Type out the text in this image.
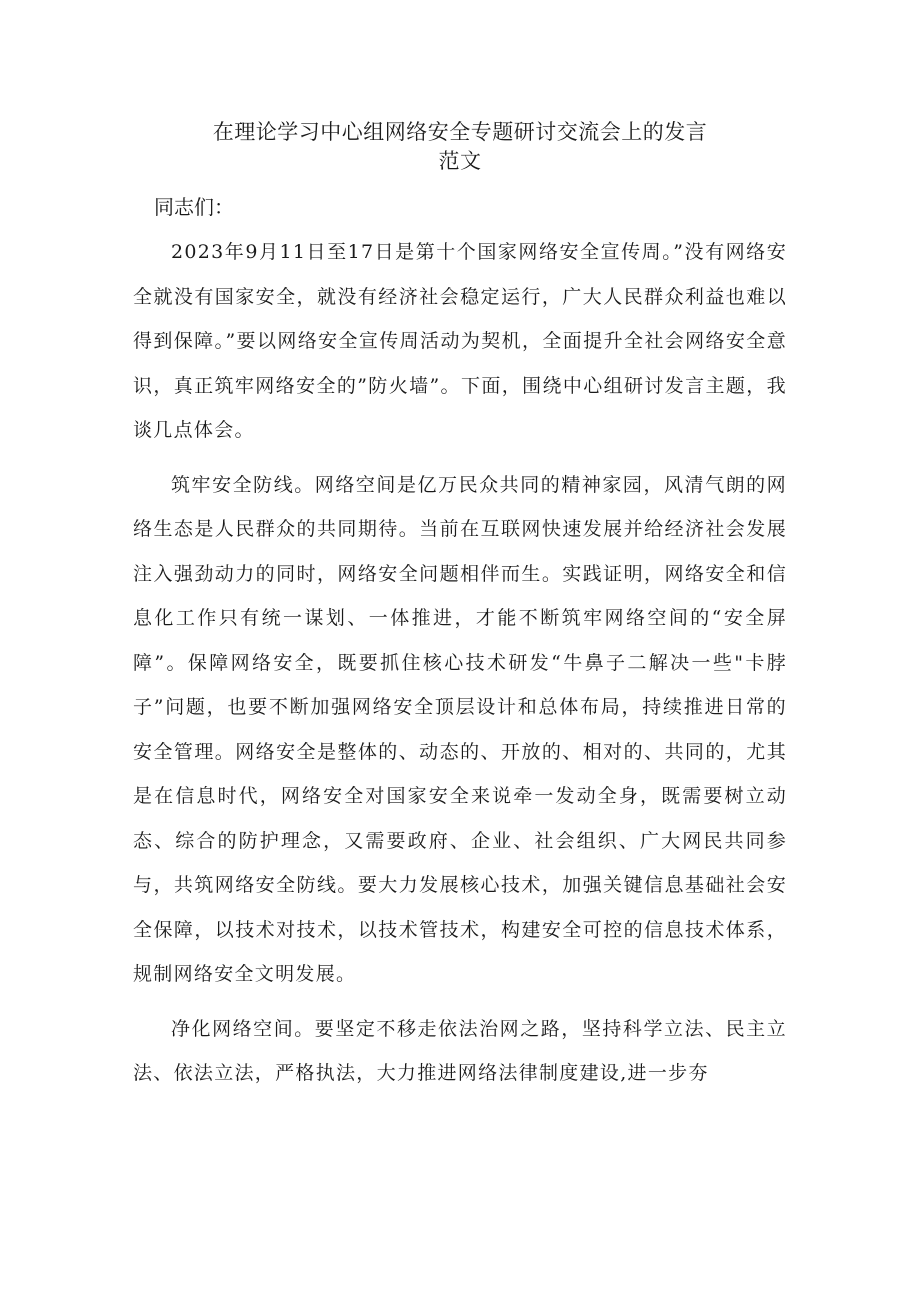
在理论学习中心组网络安全专题研讨交流会上的发言
范文

同志们：

2023年9月11日至17日是第十个国家网络安全宣传周。”没有网络安全就没有国家安全，就没有经济社会稳定运行，广大人民群众利益也难以得到保障。”要以网络安全宣传周活动为契机，全面提升全社会网络安全意识，真正筑牢网络安全的”防火墙”。下面，围绕中心组研讨发言主题，我谈几点体会。

筑牢安全防线。网络空间是亿万民众共同的精神家园，风清气朗的网络生态是人民群众的共同期待。当前在互联网快速发展并给经济社会发展注入强劲动力的同时，网络安全问题相伴而生。实践证明，网络安全和信息化工作只有统一谋划、一体推进，才能不断筑牢网络空间的“安全屏障”。保障网络安全，既要抓住核心技术研发“牛鼻子二解决一些"卡脖子”问题，也要不断加强网络安全顶层设计和总体布局，持续推进日常的安全管理。网络安全是整体的、动态的、开放的、相对的、共同的，尤其是在信息时代，网络安全对国家安全来说牵一发动全身，既需要树立动态、综合的防护理念，又需要政府、企业、社会组织、广大网民共同参与，共筑网络安全防线。要大力发展核心技术，加强关键信息基础社会安全保障，以技术对技术，以技术管技术，构建安全可控的信息技术体系，规制网络安全文明发展。

净化网络空间。要坚定不移走依法治网之路，坚持科学立法、民主立法、依法立法，严格执法，大力推进网络法律制度建设,进一步夯
